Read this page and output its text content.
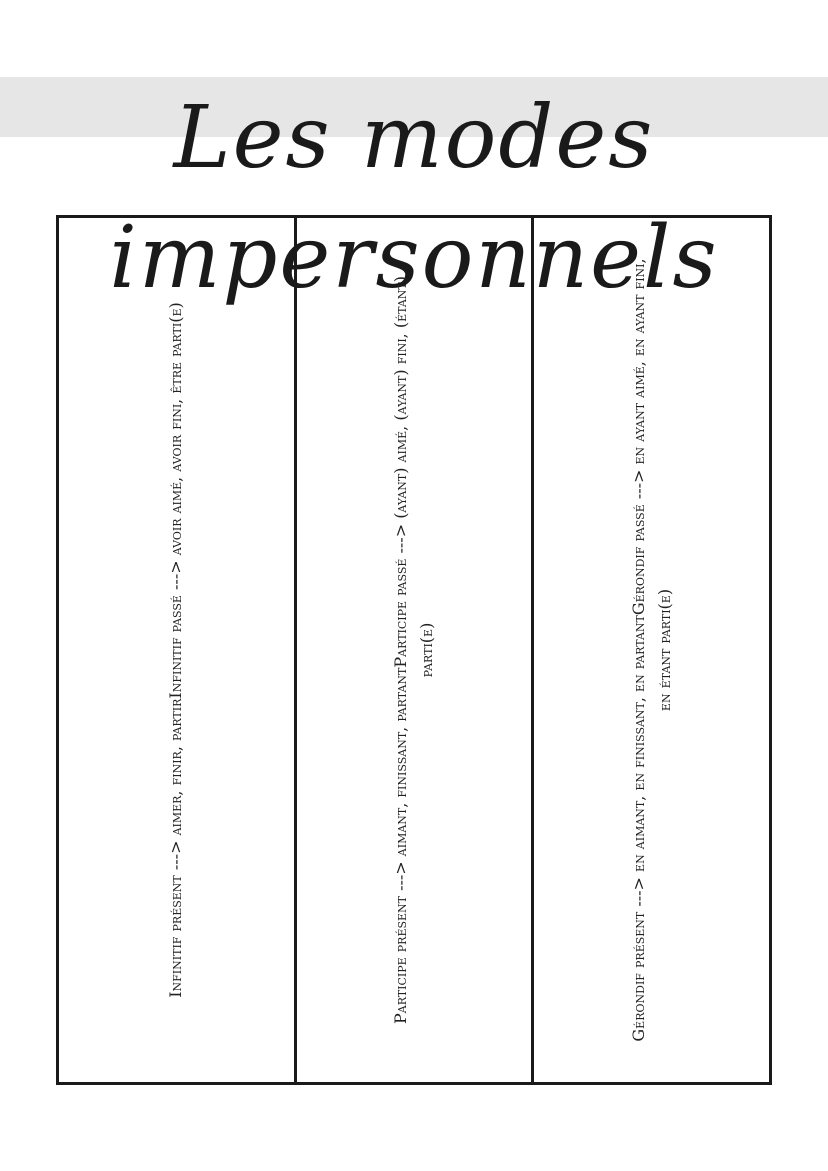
Les modes impersonnels
Infinitif présent ---> aimer, finir, partirInfinitif passé ---> avoir aimé, avoir fini, être parti(e)	Participe présent ---> aimant, finissant, partantParticipe passé ---> (ayant) aimé, (ayant) fini, (étant) parti(e)	Gérondif présent ---> en aimant, en finissant, en partantGérondif passé ---> en ayant aimé, en ayant fini, en étant parti(e)
